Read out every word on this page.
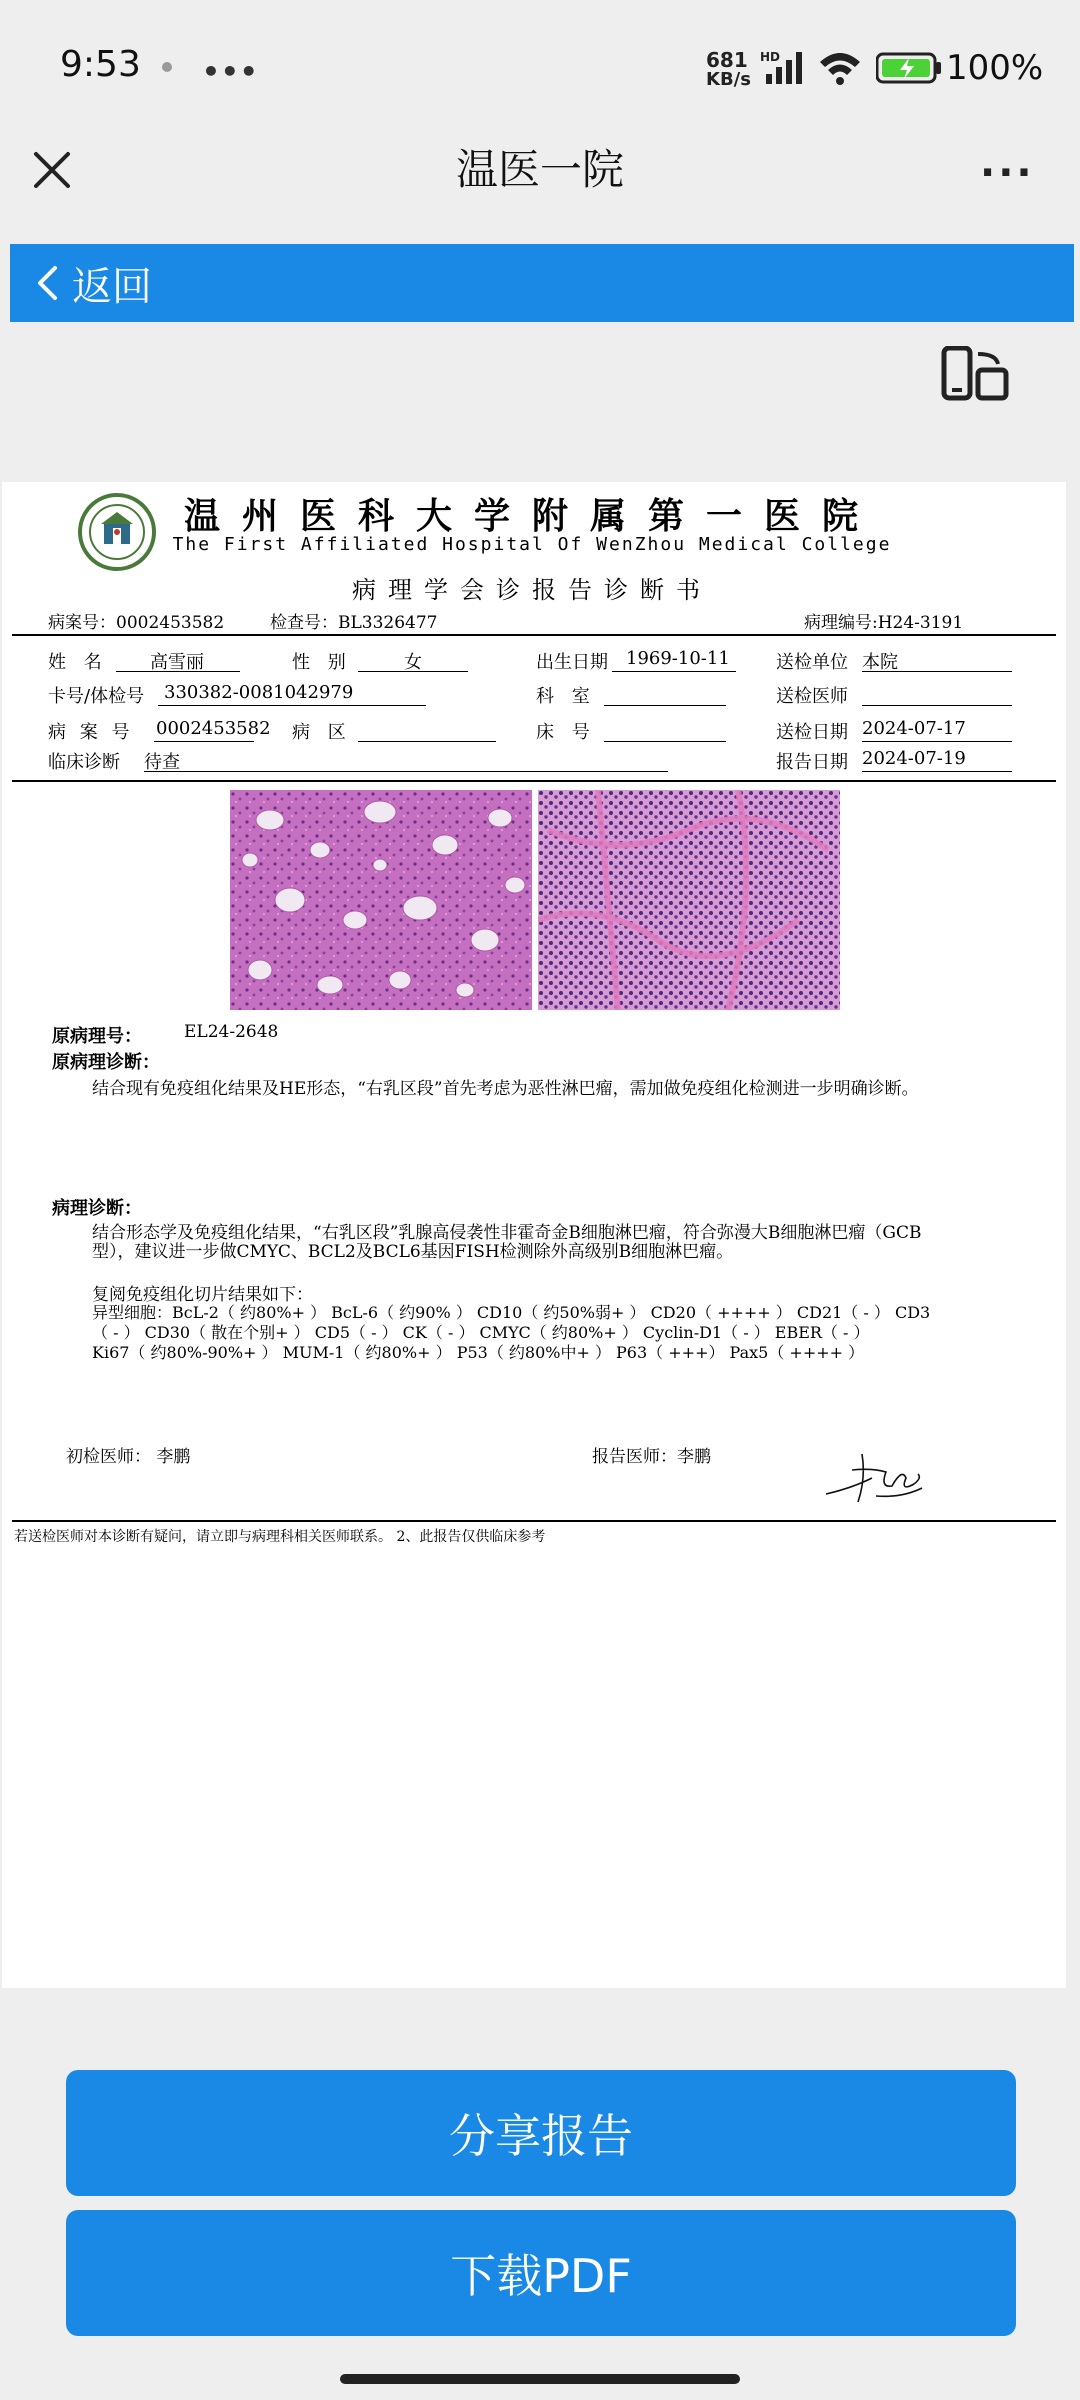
9:53 •••	681
KB/s
HD	100%
温医一院	···
返回
温州医科大学附属第一医院
The First Affiliated Hospital Of WenZhou Medical College
病理学会诊报告诊断书
病案号：0002453582	检查号：BL3326477	病理编号:H24-3191
姓 名	高雪丽	性 别	女	出生日期	1969-10-11	送检单位 本院
卡号/体检号	330382-0081042979	科 室	送检医师
病 案 号 0002453582 病 区	床 号	送检日期 2024-07-17
临床诊断 待查	报告日期 2024-07-19
原病理号： EL24-2648
原病理诊断：
结合现有免疫组化结果及HE形态，“右乳区段”首先考虑为恶性淋巴瘤，需加做免疫组化检测进一步明确诊断。
病理诊断：
结合形态学及免疫组化结果，“右乳区段”乳腺高侵袭性非霍奇金B细胞淋巴瘤，符合弥漫大B细胞淋巴瘤（GCB型），建议进一步做CMYC、BCL2及BCL6基因FISH检测除外高级别B细胞淋巴瘤。
复阅免疫组化切片结果如下：
异型细胞：BcL-2（ 约80%+ ） BcL-6（ 约90% ） CD10（ 约50%弱+ ） CD20（ ++++ ） CD21（ - ） CD3
（ - ） CD30（ 散在个别+ ） CD5（ - ） CK（ - ） CMYC（ 约80%+ ） Cyclin-D1（ - ） EBER（ - ）
Ki67（ 约80%-90%+ ） MUM-1（ 约80%+ ） P53（ 约80%中+ ） P63（ +++） Pax5（ ++++ ）
初检医师： 李鹏	报告医师：李鹏
若送检医师对本诊断有疑问，请立即与病理科相关医师联系。 2、此报告仅供临床参考
分享报告
下载PDF
